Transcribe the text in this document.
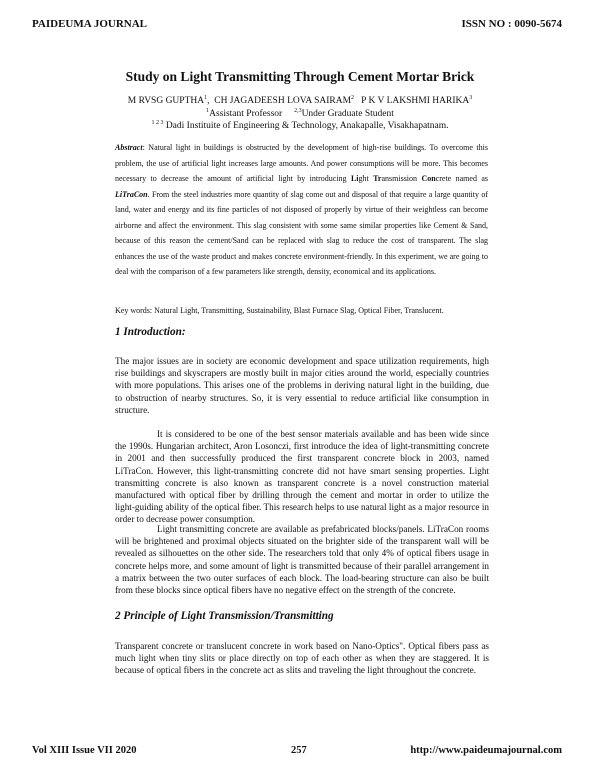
PAIDEUMA JOURNAL	ISSN NO : 0090-5674
Study on Light Transmitting Through Cement Mortar Brick
M RVSG GUPTHA$^1$,  CH JAGADEESH LOVA SAIRAM$^2$ P K V LAKSHMI HARIKA$^3$
$^1$Assistant Professor $^{2,3}$Under Graduate Student
$^{1 2 3}$ Dadi Instituite of Engineering & Technology, Anakapalle, Visakhapatnam.
Abstract: Natural light in buildings is obstructed by the development of high-rise buildings. To overcome this problem, the use of artificial light increases large amounts. And power consumptions will be more. This becomes necessary to decrease the amount of artificial light by introducing Light Transmission Concrete named as LiTraCon. From the steel industries more quantity of slag come out and disposal of that require a large quantity of land, water and energy and its fine particles of not disposed of properly by virtue of their weightless can become airborne and affect the environment. This slag consistent with some same similar properties like Cement & Sand, because of this reason the cement/Sand can be replaced with slag to reduce the cost of transparent. The slag enhances the use of the waste product and makes concrete environment-friendly. In this experiment, we are going to deal with the comparison of a few parameters like strength, density, economical and its applications.
Key words: Natural Light, Transmitting, Sustainability, Blast Furnace Slag, Optical Fiber, Translucent.
1 Introduction:
The major issues are in society are economic development and space utilization requirements, high rise buildings and skyscrapers are mostly built in major cities around the world, especially countries with more populations. This arises one of the problems in deriving natural light in the building, due to obstruction of nearby structures. So, it is very essential to reduce artificial like consumption in structure.
It is considered to be one of the best sensor materials available and has been wide since the 1990s. Hungarian architect, Aron Losonczi, first introduce the idea of light-transmitting concrete in 2001 and then successfully produced the first transparent concrete block in 2003, named LiTraCon. However, this light-transmitting concrete did not have smart sensing properties. Light transmitting concrete is also known as transparent concrete is a novel construction material manufactured with optical fiber by drilling through the cement and mortar in order to utilize the light-guiding ability of the optical fiber. This research helps to use natural light as a major resource in order to decrease power consumption.
Light transmitting concrete are available as prefabricated blocks/panels. LiTraCon rooms will be brightened and proximal objects situated on the brighter side of the transparent wall will be revealed as silhouettes on the other side. The researchers told that only 4% of optical fibers usage in concrete helps more, and some amount of light is transmitted because of their parallel arrangement in a matrix between the two outer surfaces of each block. The load-bearing structure can also be built from these blocks since optical fibers have no negative effect on the strength of the concrete.
2 Principle of Light Transmission/Transmitting
Transparent concrete or translucent concrete in work based on Nano-Optics". Optical fibers pass as much light when tiny slits or place directly on top of each other as when they are staggered. It is because of optical fibers in the concrete act as slits and traveling the light throughout the concrete.
Vol XIII Issue VII 2020	257	http://www.paideumajournal.com
